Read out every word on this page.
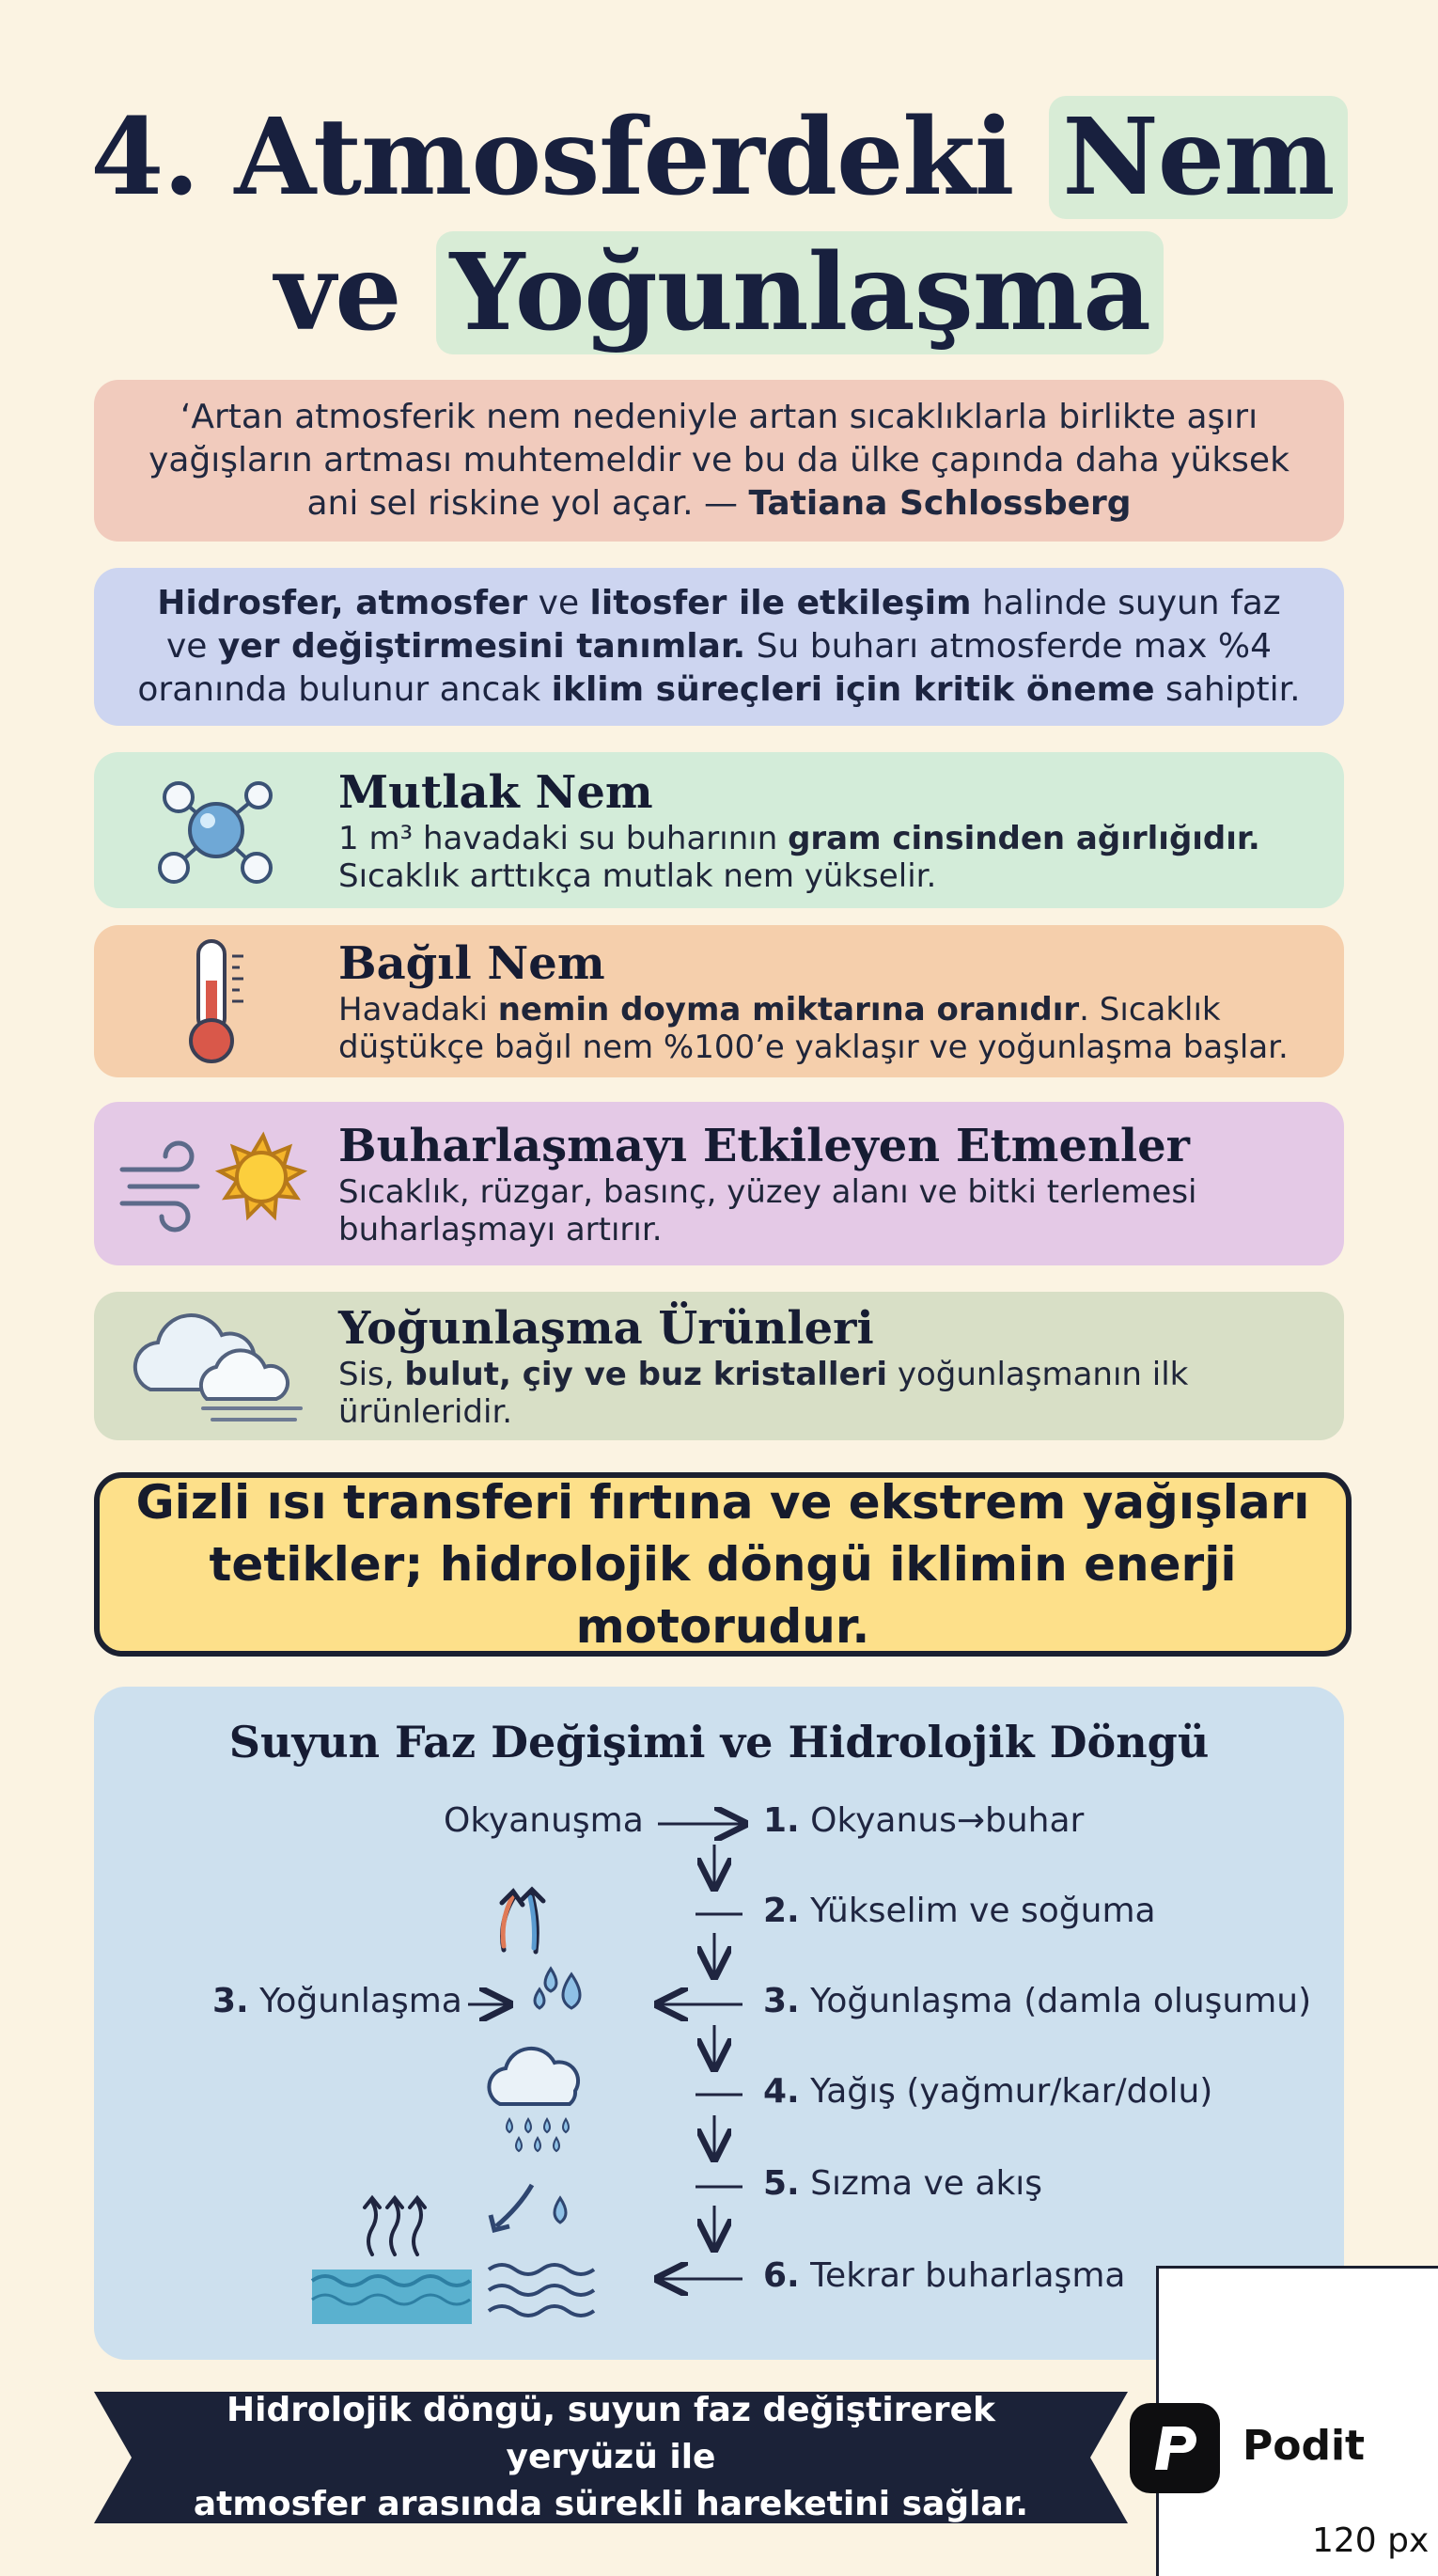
4. Atmosferdeki Nem
ve Yoğunlaşma
‘Artan atmosferik nem nedeniyle artan sıcaklıklarla birlikte aşırı yağışların artması muhtemeldir ve bu da ülke çapında daha yüksek ani sel riskine yol açar. — Tatiana Schlossberg
Hidrosfer, atmosfer ve litosfer ile etkileşim halinde suyun faz ve yer değiştirmesini tanımlar. Su buharı atmosferde max %4 oranında bulunur ancak iklim süreçleri için kritik öneme sahiptir.
Mutlak Nem

1 m³ havadaki su buharının gram cinsinden ağırlığıdır.
Sıcaklık arttıkça mutlak nem yükselir.

Bağıl Nem

Havadaki nemin doyma miktarına oranıdır. Sıcaklık düştükçe bağıl nem %100’e yaklaşır ve yoğunlaşma başlar.

Buharlaşmayı Etkileyen Etmenler

Sıcaklık, rüzgar, basınç, yüzey alanı ve bitki terlemesi buharlaşmayı artırır.

Yoğunlaşma Ürünleri

Sis, bulut, çiy ve buz kristalleri yoğunlaşmanın ilk ürünleridir.

Gizli ısı transferi fırtına ve ekstrem yağışları
tetikler; hidrolojik döngü iklimin enerji motorudur.
Suyun Faz Değişimi ve Hidrolojik Döngü
Okyanuşma
3. Yoğunlaşma
1. Okyanus→buhar
2. Yükselim ve soğuma
3. Yoğunlaşma (damla oluşumu)
4. Yağış (yağmur/kar/dolu)
5. Sızma ve akış
6. Tekrar buharlaşma
Hidrolojik döngü, suyun faz değiştirerek yeryüzü ile
atmosfer arasında sürekli hareketini sağlar.
Podit
120 px
